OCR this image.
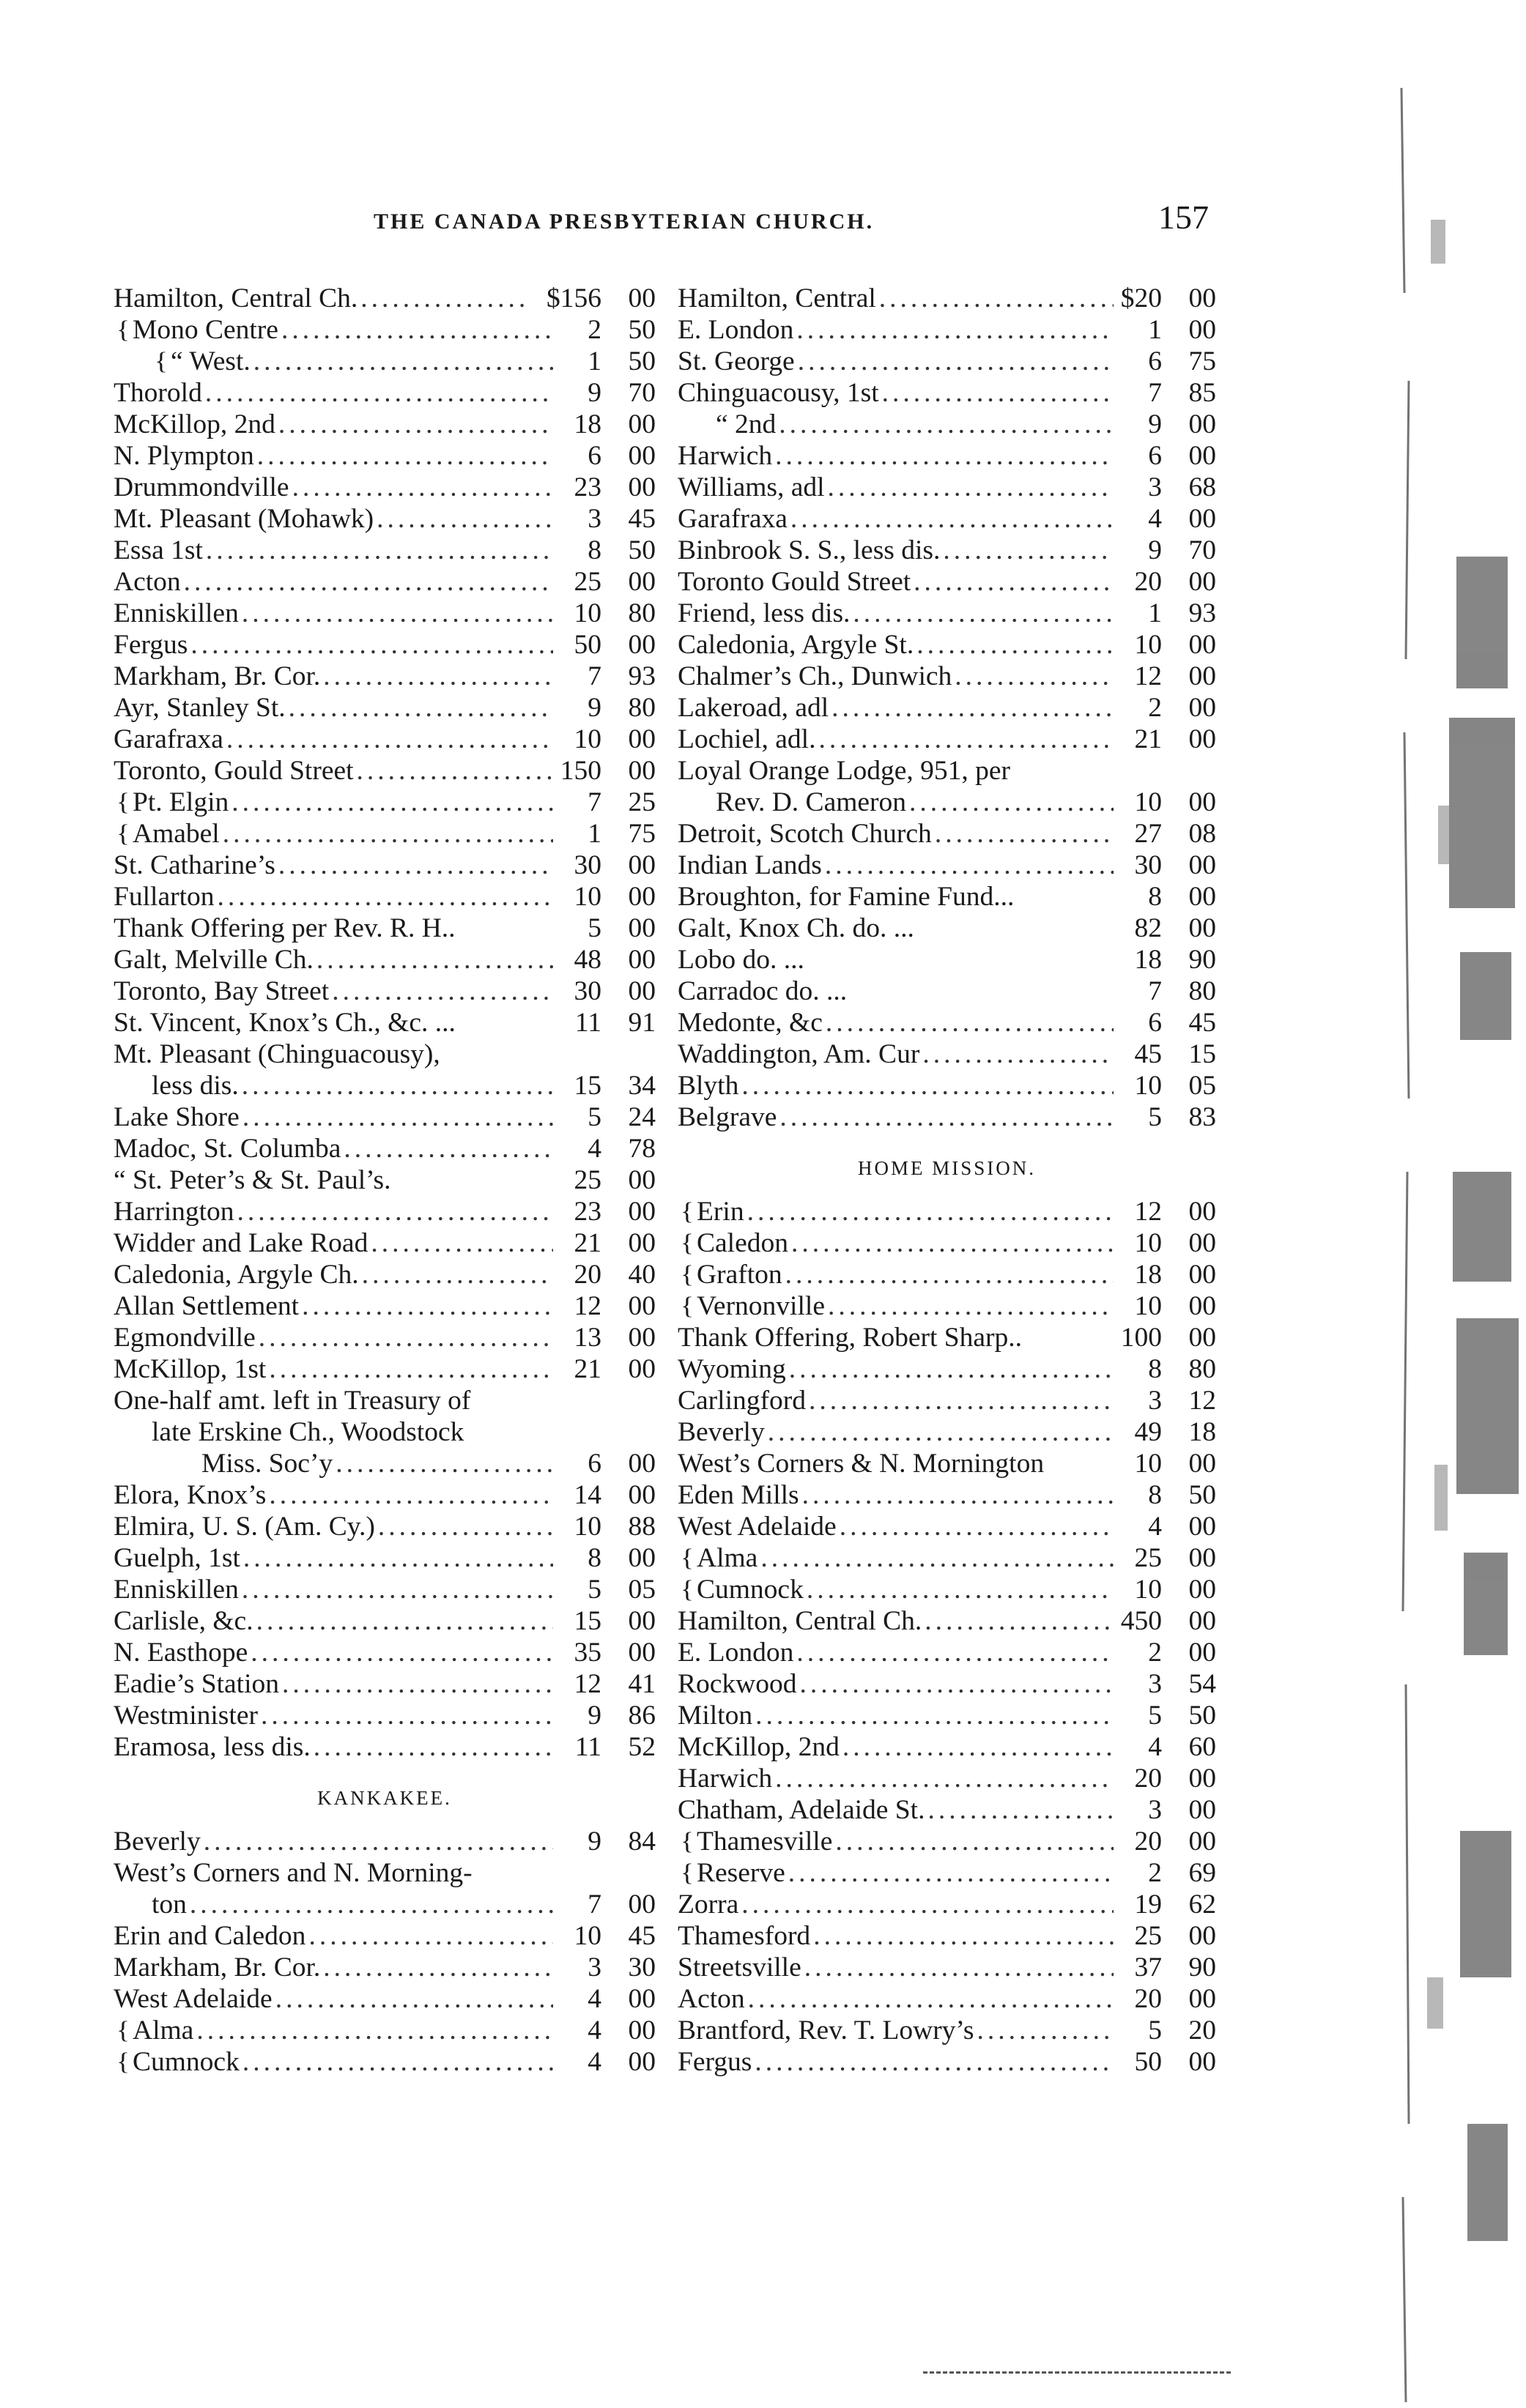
THE CANADA PRESBYTERIAN CHURCH.	157
Hamilton, Central Ch. .....	$156 00
{ Mono Centre .....	2 50
{ “ West. .....	1 50
Thorold .....	9 70
McKillop, 2nd .....	18 00
N. Plympton .....	6 00
Drummondville .....	23 00
Mt. Pleasant (Mohawk) .....	3 45
Essa 1st .....	8 50
Acton .....	25 00
Enniskillen .....	10 80
Fergus .....	50 00
Markham, Br. Cor. .....	7 93
Ayr, Stanley St. .....	9 80
Garafraxa .....	10 00
Toronto, Gould Street .....	150 00
{ Pt. Elgin .....	7 25
{ Amabel .....	1 75
St. Catharine’s .....	30 00
Fullarton .....	10 00
Thank Offering per Rev. R. H..	5 00
Galt, Melville Ch. .....	48 00
Toronto, Bay Street .....	30 00
St. Vincent, Knox’s Ch., &c. ...	11 91
Mt. Pleasant (Chinguacousy),
less dis. .....	15 34
Lake Shore .....	5 24
Madoc, St. Columba .....	4 78
“ St. Peter’s & St. Paul’s.	25 00
Harrington .....	23 00
Widder and Lake Road .....	21 00
Caledonia, Argyle Ch. .....	20 40
Allan Settlement .....	12 00
Egmondville .....	13 00
McKillop, 1st .....	21 00
One-half amt. left in Treasury of
late Erskine Ch., Woodstock
Miss. Soc’y .....	6 00
Elora, Knox’s .....	14 00
Elmira, U. S. (Am. Cy.) .....	10 88
Guelph, 1st .....	8 00
Enniskillen .....	5 05
Carlisle, &c. .....	15 00
N. Easthope .....	35 00
Eadie’s Station .....	12 41
Westminister .....	9 86
Eramosa, less dis. .....	11 52
KANKAKEE.
Beverly .....	9 84
West’s Corners and N. Morning-
ton .....	7 00
Erin and Caledon .....	10 45
Markham, Br. Cor. .....	3 30
West Adelaide .....	4 00
{ Alma .....	4 00
{ Cumnock .....	4 00
Hamilton, Central .....	$20 00
E. London .....	1 00
St. George .....	6 75
Chinguacousy, 1st .....	7 85
“ 2nd .....	9 00
Harwich .....	6 00
Williams, adl .....	3 68
Garafraxa .....	4 00
Binbrook S. S., less dis. .....	9 70
Toronto Gould Street .....	20 00
Friend, less dis. .....	1 93
Caledonia, Argyle St. .....	10 00
Chalmer’s Ch., Dunwich .....	12 00
Lakeroad, adl .....	2 00
Lochiel, adl. .....	21 00
Loyal Orange Lodge, 951, per
Rev. D. Cameron .....	10 00
Detroit, Scotch Church .....	27 08
Indian Lands .....	30 00
Broughton, for Famine Fund...	8 00
Galt, Knox Ch. do. ...	82 00
Lobo do. ...	18 90
Carradoc do. ...	7 80
Medonte, &c .....	6 45
Waddington, Am. Cur .....	45 15
Blyth .....	10 05
Belgrave .....	5 83
HOME MISSION.
{ Erin .....	12 00
{ Caledon .....	10 00
{ Grafton .....	18 00
{ Vernonville .....	10 00
Thank Offering, Robert Sharp..	100 00
Wyoming .....	8 80
Carlingford .....	3 12
Beverly .....	49 18
West’s Corners & N. Mornington	10 00
Eden Mills .....	8 50
West Adelaide .....	4 00
{ Alma .....	25 00
{ Cumnock .....	10 00
Hamilton, Central Ch. .....	450 00
E. London .....	2 00
Rockwood .....	3 54
Milton .....	5 50
McKillop, 2nd .....	4 60
Harwich .....	20 00
Chatham, Adelaide St. .....	3 00
{ Thamesville .....	20 00
{ Reserve .....	2 69
Zorra .....	19 62
Thamesford .....	25 00
Streetsville .....	37 90
Acton .....	20 00
Brantford, Rev. T. Lowry’s .....	5 20
Fergus .....	50 00
